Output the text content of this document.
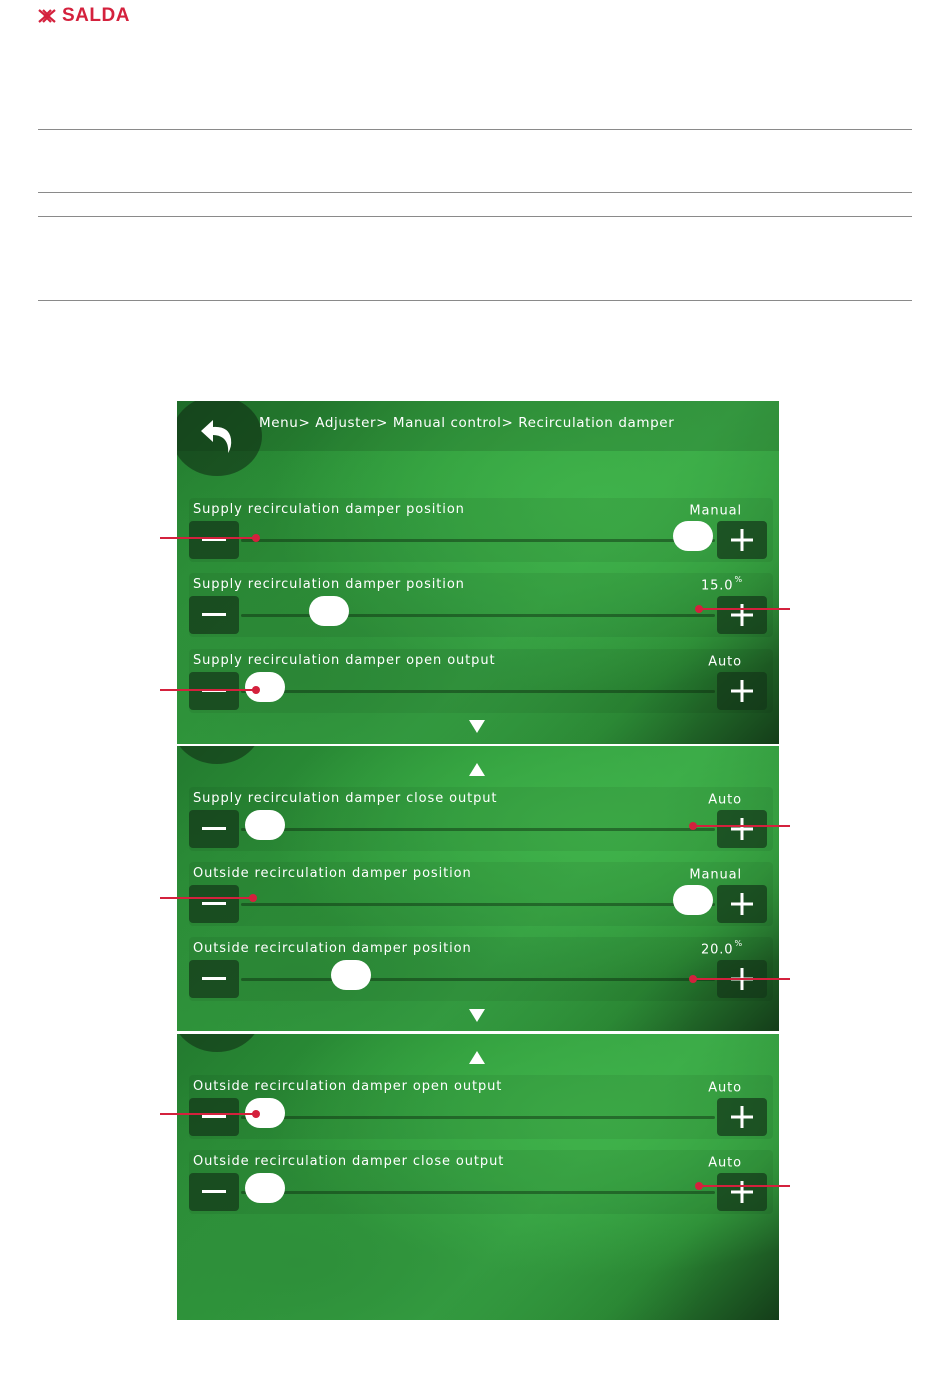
SALDA
Menu> Adjuster> Manual control> Recirculation damper
Supply recirculation damper position	Manual
Supply recirculation damper position	15.0%
Supply recirculation damper open output	Auto
Supply recirculation damper close output	Auto
Outside recirculation damper position	Manual
Outside recirculation damper position	20.0%
Outside recirculation damper open output	Auto
Outside recirculation damper close output	Auto
